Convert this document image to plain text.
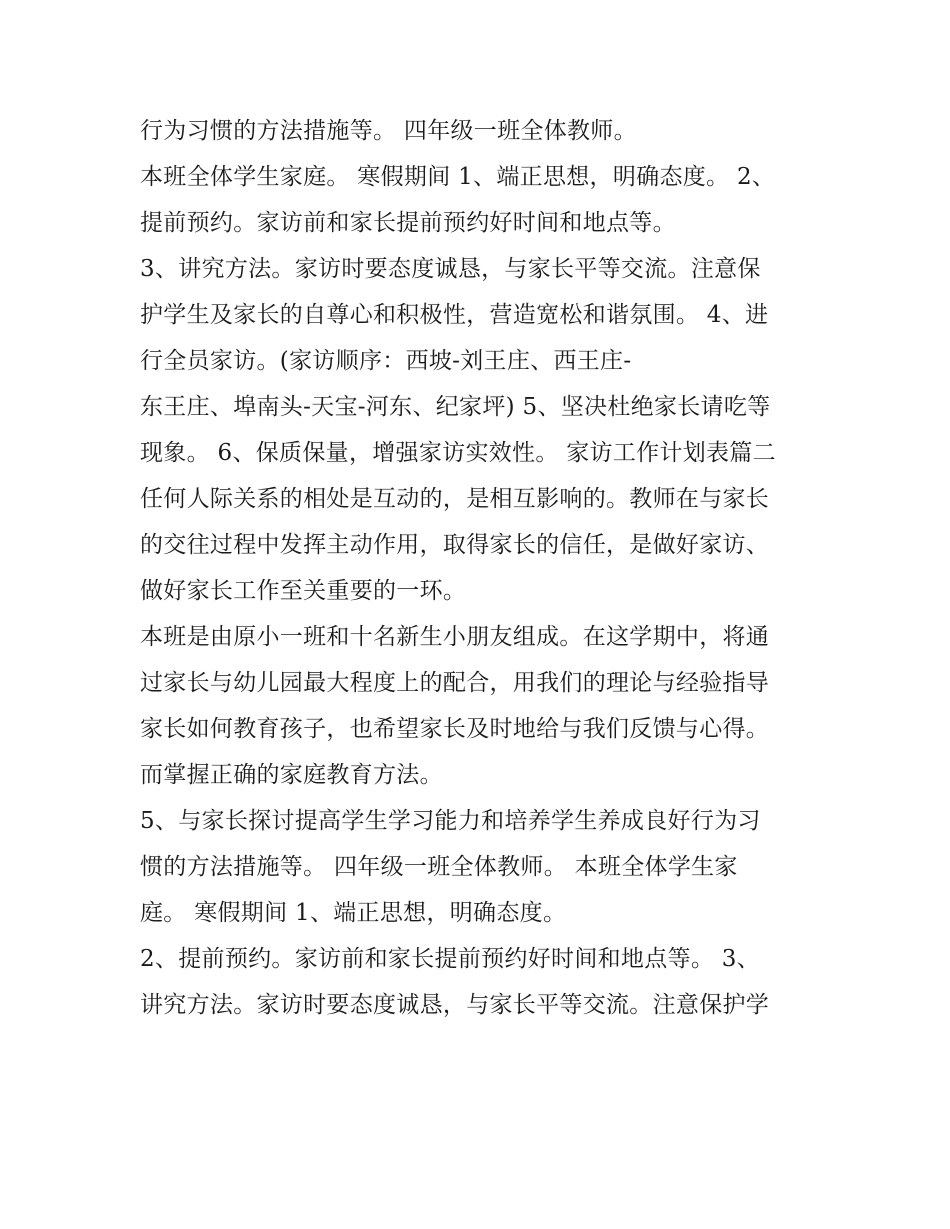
行为习惯的方法措施等。 四年级一班全体教师。
本班全体学生家庭。 寒假期间 1、端正思想，明确态度。 2、
提前预约。家访前和家长提前预约好时间和地点等。
3、讲究方法。家访时要态度诚恳，与家长平等交流。注意保
护学生及家长的自尊心和积极性，营造宽松和谐氛围。 4、进
行全员家访。(家访顺序：西坡-刘王庄、西王庄-
东王庄、埠南头-天宝-河东、纪家坪) 5、坚决杜绝家长请吃等
现象。 6、保质保量，增强家访实效性。 家访工作计划表篇二
任何人际关系的相处是互动的，是相互影响的。教师在与家长
的交往过程中发挥主动作用，取得家长的信任，是做好家访、
做好家长工作至关重要的一环。
本班是由原小一班和十名新生小朋友组成。在这学期中，将通
过家长与幼儿园最大程度上的配合，用我们的理论与经验指导
家长如何教育孩子，也希望家长及时地给与我们反馈与心得。
而掌握正确的家庭教育方法。
5、与家长探讨提高学生学习能力和培养学生养成良好行为习
惯的方法措施等。 四年级一班全体教师。 本班全体学生家
庭。 寒假期间 1、端正思想，明确态度。
2、提前预约。家访前和家长提前预约好时间和地点等。 3、
讲究方法。家访时要态度诚恳，与家长平等交流。注意保护学
